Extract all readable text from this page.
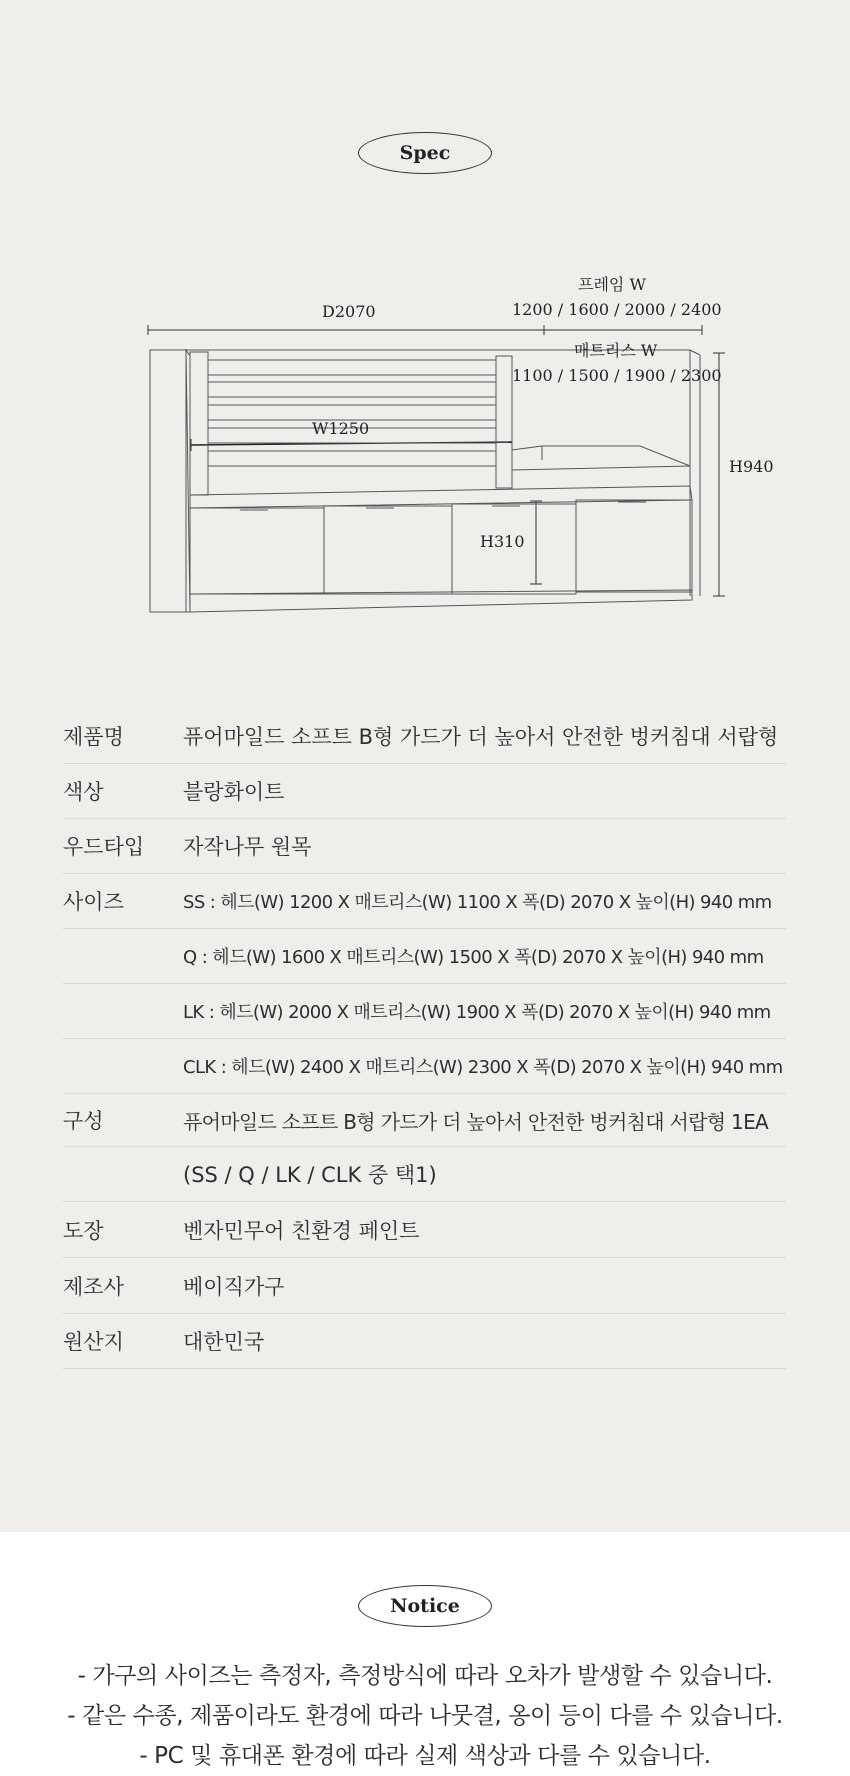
Spec
프레임 W
1200 / 1600 / 2000 / 2400
D2070
매트리스 W
1100 / 1500 / 1900 / 2300
W1250
H940
H310
제품명	퓨어마일드 소프트 B형 가드가 더 높아서 안전한 벙커침대 서랍형
색상	블랑화이트
우드타입	자작나무 원목
사이즈	SS : 헤드(W) 1200 X 매트리스(W) 1100 X 폭(D) 2070 X 높이(H) 940 mm
Q : 헤드(W) 1600 X 매트리스(W) 1500 X 폭(D) 2070 X 높이(H) 940 mm
LK : 헤드(W) 2000 X 매트리스(W) 1900 X 폭(D) 2070 X 높이(H) 940 mm
CLK : 헤드(W) 2400 X 매트리스(W) 2300 X 폭(D) 2070 X 높이(H) 940 mm
구성	퓨어마일드 소프트 B형 가드가 더 높아서 안전한 벙커침대 서랍형 1EA
(SS / Q / LK / CLK 중 택1)
도장	벤자민무어 친환경 페인트
제조사	베이직가구
원산지	대한민국
Notice
- 가구의 사이즈는 측정자, 측정방식에 따라 오차가 발생할 수 있습니다.
- 같은 수종, 제품이라도 환경에 따라 나뭇결, 옹이 등이 다를 수 있습니다.
- PC 및 휴대폰 환경에 따라 실제 색상과 다를 수 있습니다.
